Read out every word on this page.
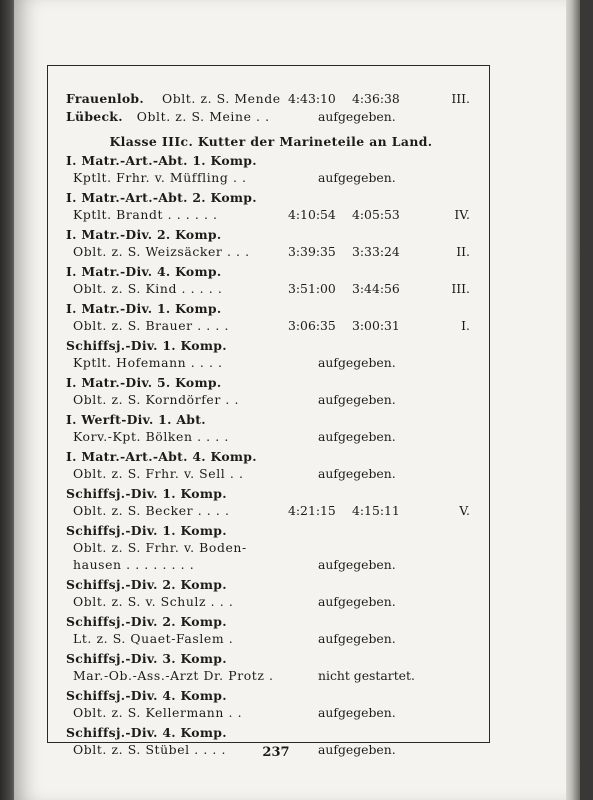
Frauenlob. Oblt. z. S. Mende 4:43:10 4:36:38	III.
Lübeck. Oblt. z. S. Meine . .	aufgegeben.
Klasse IIIc. Kutter der Marineteile an Land.
I. Matr.-Art.-Abt. 1. Komp.
Kptlt. Frhr. v. Müffling . .	aufgegeben.
I. Matr.-Art.-Abt. 2. Komp.
Kptlt. Brandt . . . . . .	4:10:54 4:05:53	IV.
I. Matr.-Div. 2. Komp.
Oblt. z. S. Weizsäcker . . .	3:39:35 3:33:24	II.
I. Matr.-Div. 4. Komp.
Oblt. z. S. Kind . . . . .	3:51:00 3:44:56	III.
I. Matr.-Div. 1. Komp.
Oblt. z. S. Brauer . . . .	3:06:35 3:00:31	I.
Schiffsj.-Div. 1. Komp.
Kptlt. Hofemann . . . .	aufgegeben.
I. Matr.-Div. 5. Komp.
Oblt. z. S. Korndörfer . .	aufgegeben.
I. Werft-Div. 1. Abt.
Korv.-Kpt. Bölken . . . .	aufgegeben.
I. Matr.-Art.-Abt. 4. Komp.
Oblt. z. S. Frhr. v. Sell . .	aufgegeben.
Schiffsj.-Div. 1. Komp.
Oblt. z. S. Becker . . . .	4:21:15 4:15:11	V.
Schiffsj.-Div. 1. Komp.
Oblt. z. S. Frhr. v. Boden-
hausen . . . . . . . .	aufgegeben.
Schiffsj.-Div. 2. Komp.
Oblt. z. S. v. Schulz . . .	aufgegeben.
Schiffsj.-Div. 2. Komp.
Lt. z. S. Quaet-Faslem .	aufgegeben.
Schiffsj.-Div. 3. Komp.
Mar.-Ob.-Ass.-Arzt Dr. Protz .	nicht gestartet.
Schiffsj.-Div. 4. Komp.
Oblt. z. S. Kellermann . .	aufgegeben.
Schiffsj.-Div. 4. Komp.
Oblt. z. S. Stübel . . . .	aufgegeben.
237
